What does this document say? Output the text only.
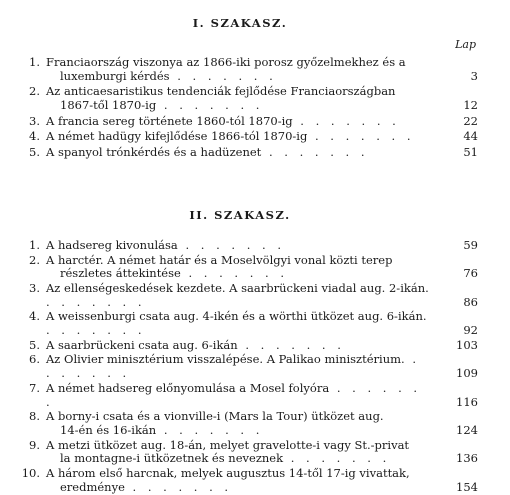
I. SZAKASZ.
Lap
1. Franciaország viszonya az 1866-iki porosz győzelmekhez és a
luxemburgi kérdés . . . . . . .	3
2. Az anticaesaristikus tendenciák fejlődése Franciaországban
1867-től 1870-ig . . . . . . .	12
3. A francia sereg története 1860-tól 1870-ig . . . . . . .	22
4. A német hadügy kifejlődése 1866-tól 1870-ig . . . . . . .	44
5. A spanyol trónkérdés és a hadüzenet . . . . . . .	51
II. SZAKASZ.
1. A hadsereg kivonulása . . . . . . .	59
2. A harctér. A német határ és a Moselvölgyi vonal közti terep
részletes áttekintése . . . . . . .	76
3. Az ellenségeskedések kezdete. A saarbrückeni viadal aug. 2-ikán. . . . . . . .	86
4. A weissenburgi csata aug. 4-ikén és a wörthi ütközet aug. 6-ikán. . . . . . . .	92
5. A saarbrückeni csata aug. 6-ikán . . . . . . .	103
6. Az Olivier minisztérium visszalépése. A Palikao minisztérium. . . . . . . .	109
7. A német hadsereg előnyomulása a Mosel folyóra . . . . . . .	116
8. A borny-i csata és a vionville-i (Mars la Tour) ütközet aug.
14-én és 16-ikán . . . . . . .	124
9. A metzi ütközet aug. 18-án, melyet gravelotte-i vagy St.-privat
la montagne-i ütközetnek és neveznek . . . . . . .	136
10. A három első harcnak, melyek augusztus 14-től 17-ig vivattak,
eredménye . . . . . . .	154
